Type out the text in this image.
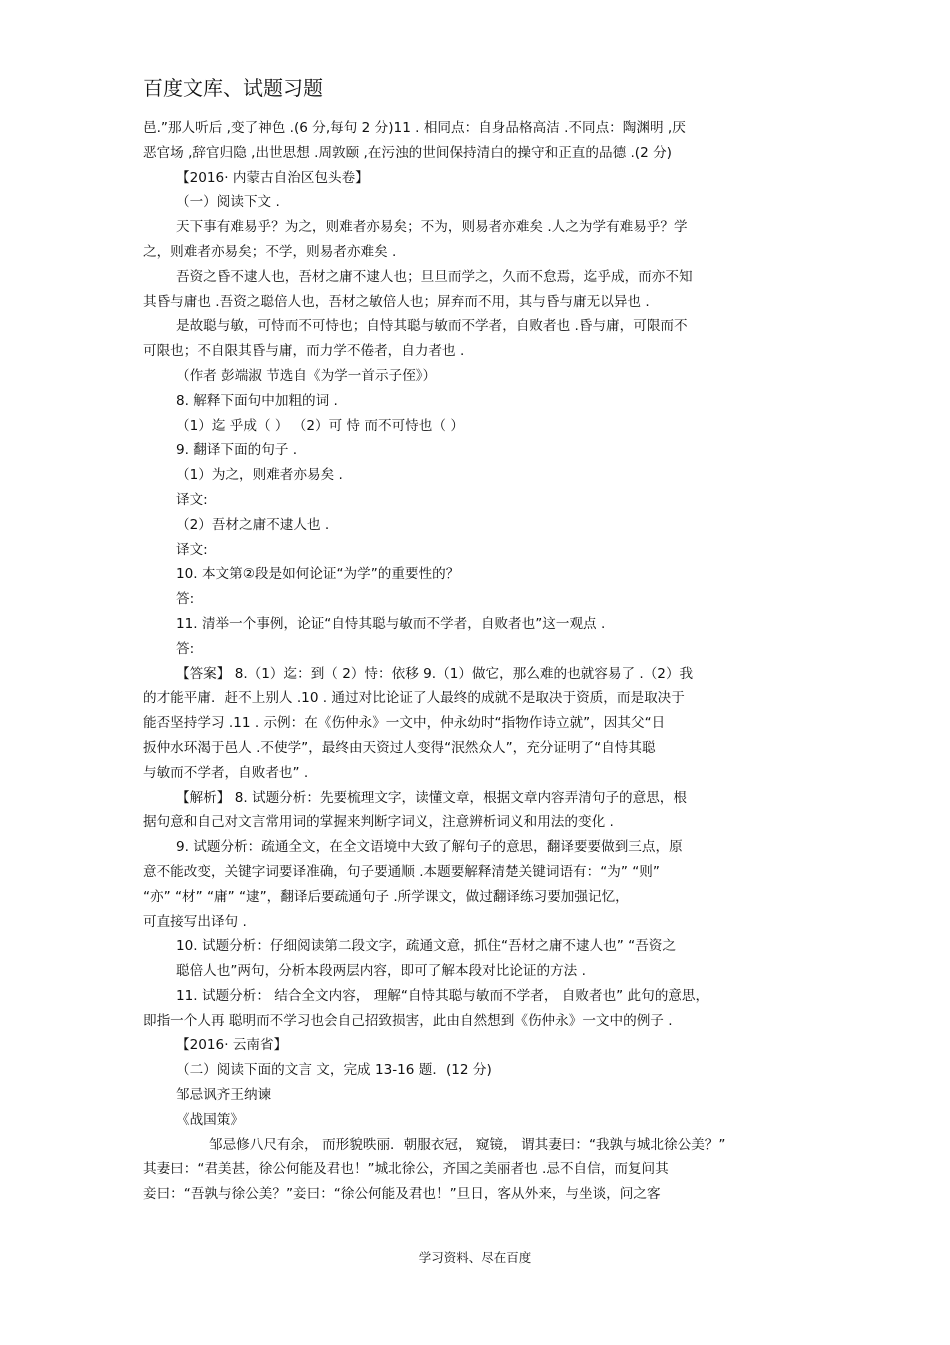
百度文库、试题习题

邑.”那人听后 ,变了神色 .(6 分,每句 2 分)11 . 相同点：自身品格高洁 .不同点：陶渊明 ,厌

恶官场 ,辞官归隐 ,出世思想 .周敦颐 ,在污浊的世间保持清白的操守和正直的品德 .(2 分)

【2016· 内蒙古自治区包头卷】

（一）阅读下文 .

天下事有难易乎？为之，则难者亦易矣；不为，则易者亦难矣 .人之为学有难易乎？学

之，则难者亦易矣；不学，则易者亦难矣 .

吾资之昏不逮人也，吾材之庸不逮人也；旦旦而学之，久而不怠焉，迄乎成，而亦不知

其昏与庸也 .吾资之聪倍人也，吾材之敏倍人也；屏弃而不用，其与昏与庸无以异也 .

是故聪与敏，可恃而不可恃也；自恃其聪与敏而不学者，自败者也 .昏与庸，可限而不

可限也；不自限其昏与庸，而力学不倦者，自力者也 .

（作者 彭端淑 节选自《为学一首示子侄》）

8. 解释下面句中加粗的词 .

（1）迄 乎成（ ） （2）可 恃 而不可恃也（ ）

9. 翻译下面的句子 .

（1）为之，则难者亦易矣 .

译文:

（2）吾材之庸不逮人也 .

译文:

10. 本文第②段是如何论证“为学”的重要性的？

答:

11. 清举一个事例，论证“自恃其聪与敏而不学者，自败者也”这一观点 .

答:

【答案】 8.（1）迄：到（ 2）恃：依移 9.（1）做它，那么难的也就容易了 .（2）我

的才能平庸．赶不上别人 .10 . 通过对比论证了人最终的成就不是取决于资质，而是取决于

能否坚持学习 .11 . 示例：在《伤仲永》一文中，仲永幼时“指物作诗立就”，因其父“日

扳仲水环渴于邑人 .不使学”，最终由天资过人变得“泯然众人”，充分证明了“自恃其聪

与敏而不学者，自败者也” .

【解析】 8. 试题分析：先要梳理文字，读懂文章，根据文章内容弄清句子的意思，根

据句意和自己对文言常用词的掌握来判断字词义，注意辨析词义和用法的变化 .

9. 试题分析：疏通全文，在全文语境中大致了解句子的意思，翻译要要做到三点，原

意不能改变，关键字词要译准确，句子要通顺 .本题要解释清楚关键词语有：“为” “则”

“亦” “材” “庸” “逮”，翻译后要疏通句子 .所学课文，做过翻译练习要加强记忆，

可直接写出译句 .

10. 试题分析：仔细阅读第二段文字，疏通文意，抓住“吾材之庸不逮人也” “吾资之

聪倍人也”两句，分析本段两层内容，即可了解本段对比论证的方法 .

11. 试题分析： 结合全文内容， 理解“自恃其聪与敏而不学者， 自败者也” 此句的意思，

即指一个人再 聪明而不学习也会自己招致损害，此由自然想到《伤仲永》一文中的例子 .

【2016· 云南省】

（二）阅读下面的文言 文，完成 13-16 题．(12 分)

邹忌讽齐王纳谏

《战国策》

邹忌修八尺有余， 而形貌昳丽．朝服衣冠， 窥镜， 谓其妻曰：“我孰与城北徐公美？”

其妻曰：“君美甚，徐公何能及君也！”城北徐公，齐国之美丽者也 .忌不自信，而复问其

妾曰：“吾孰与徐公美？”妾曰：“徐公何能及君也！”旦日，客从外来，与坐谈，问之客

学习资料、尽在百度
